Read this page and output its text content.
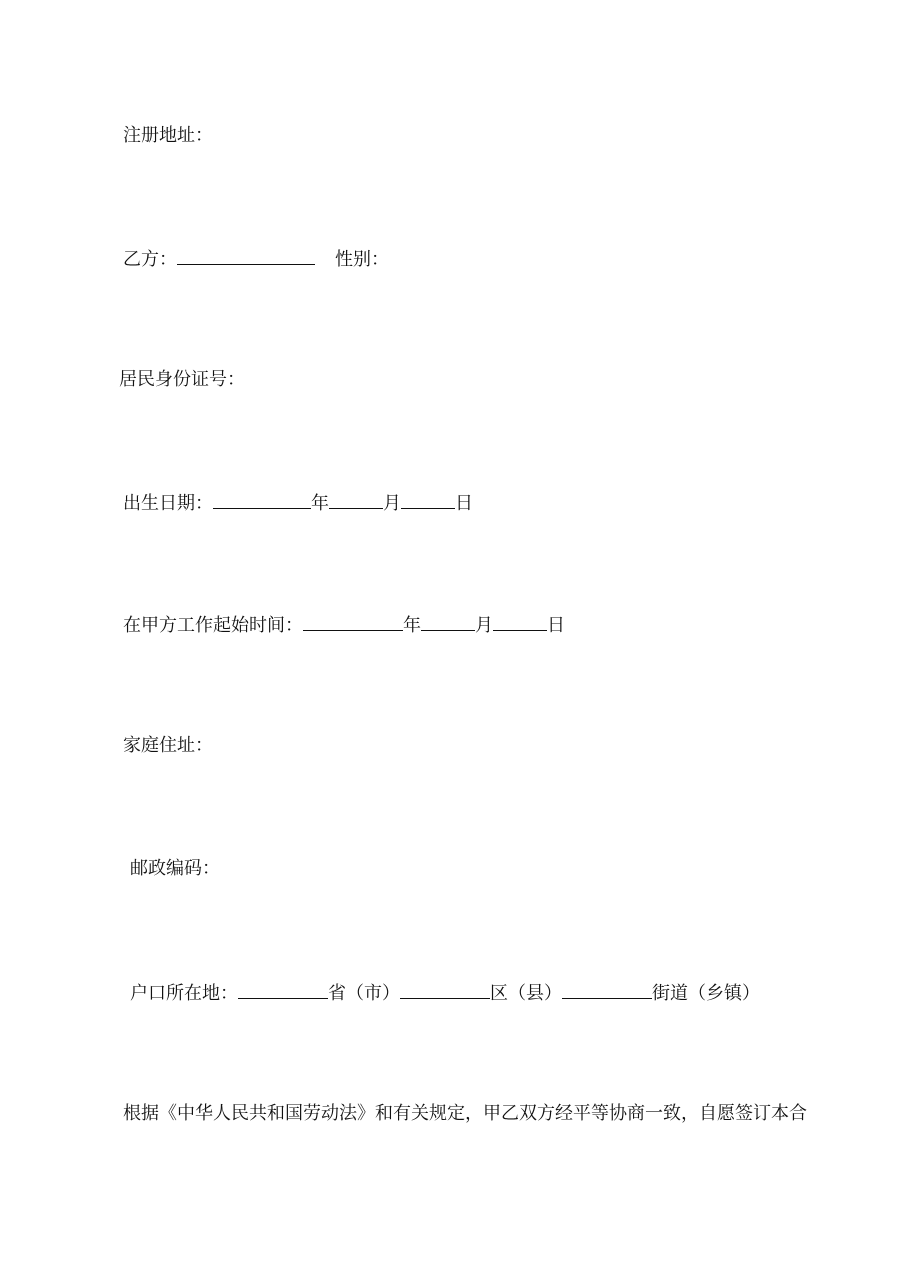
注册地址：
乙方：	性别：
居民身份证号：
出生日期：	年	月	日
在甲方工作起始时间：	年	月	日
家庭住址：
邮政编码：
户口所在地：	省（市）	区（县）	街道（乡镇）
根据《中华人民共和国劳动法》和有关规定，甲乙双方经平等协商一致，自愿签订本合
